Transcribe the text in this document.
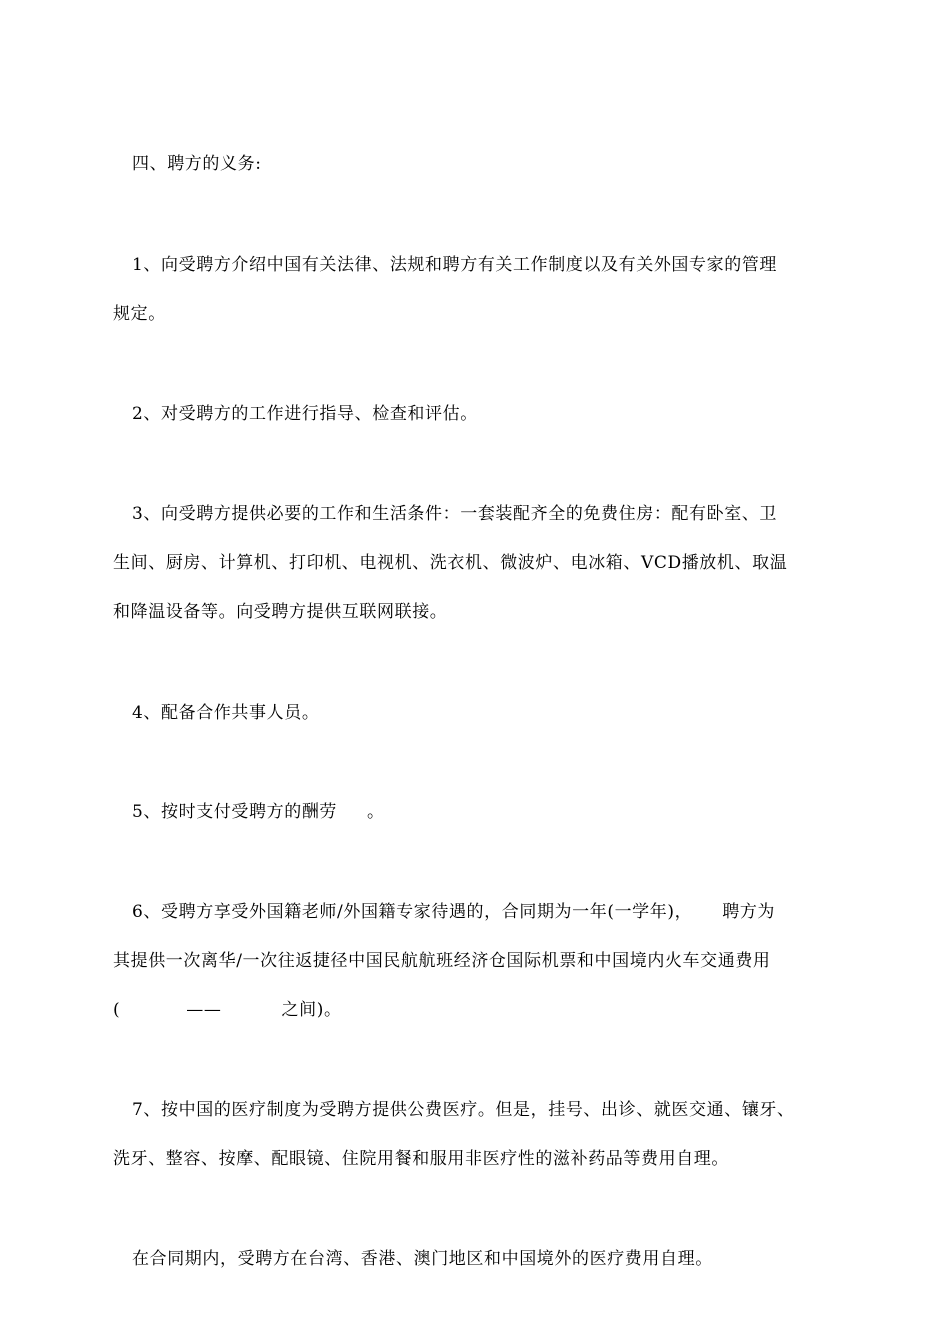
四、聘方的义务:
1、向受聘方介绍中国有关法律、法规和聘方有关工作制度以及有关外国专家的管理
规定。
2、对受聘方的工作进行指导、检查和评估。
3、向受聘方提供必要的工作和生活条件：一套装配齐全的免费住房：配有卧室、卫
生间、厨房、计算机、打印机、电视机、洗衣机、微波炉、电冰箱、VCD播放机、取温
和降温设备等。向受聘方提供互联网联接。
4、配备合作共事人员。
5、按时支付受聘方的酬劳     。
6、受聘方享受外国籍老师/外国籍专家待遇的，合同期为一年(一学年)，     聘方为
其提供一次离华/一次往返捷径中国民航航班经济仓国际机票和中国境内火车交通费用
(           ——          之间)。
7、按中国的医疗制度为受聘方提供公费医疗。但是，挂号、出诊、就医交通、镶牙、
洗牙、整容、按摩、配眼镜、住院用餐和服用非医疗性的滋补药品等费用自理。
在合同期内，受聘方在台湾、香港、澳门地区和中国境外的医疗费用自理。
